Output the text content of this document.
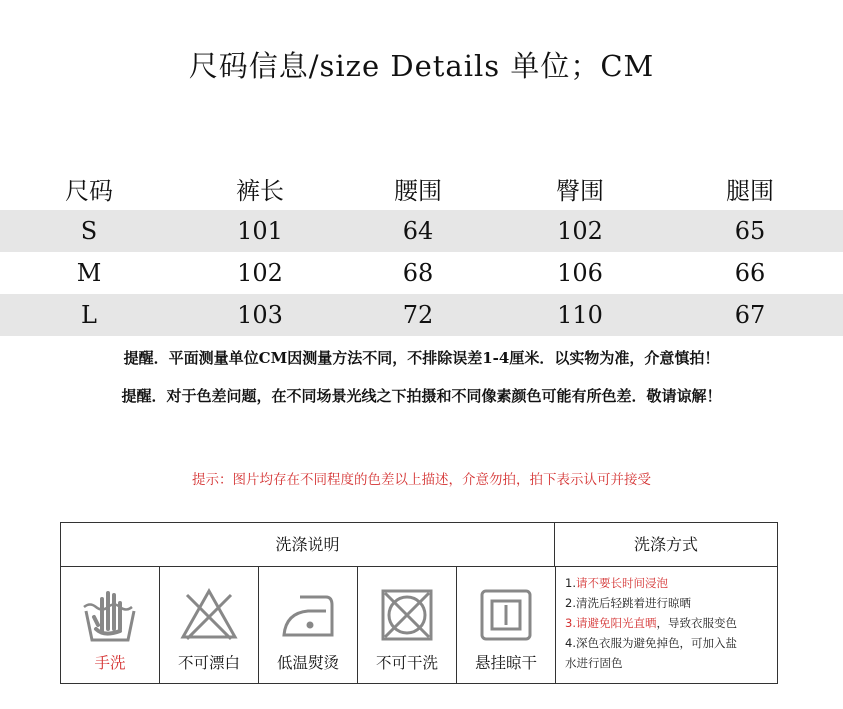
尺码信息/size Details 单位；CM
尺码	裤长	腰围	臀围	腿围
S	101	64	102	65
M	102	68	106	66
L	103	72	110	67
提醒．平面测量单位CM因测量方法不同，不排除误差1-4厘米．以实物为准，介意慎拍！
提醒．对于色差问题，在不同场景光线之下拍摄和不同像素颜色可能有所色差．敬请谅解！
提示：图片均存在不同程度的色差以上描述，介意勿拍，拍下表示认可并接受
洗涤说明	洗涤方式
手洗	不可漂白	低温熨烫	不可干洗	悬挂晾干
1.请不要长时间浸泡
2.清洗后轻跳着进行晾晒
3.请避免阳光直晒，导致衣服变色
4.深色衣服为避免掉色，可加入盐
水进行固色
